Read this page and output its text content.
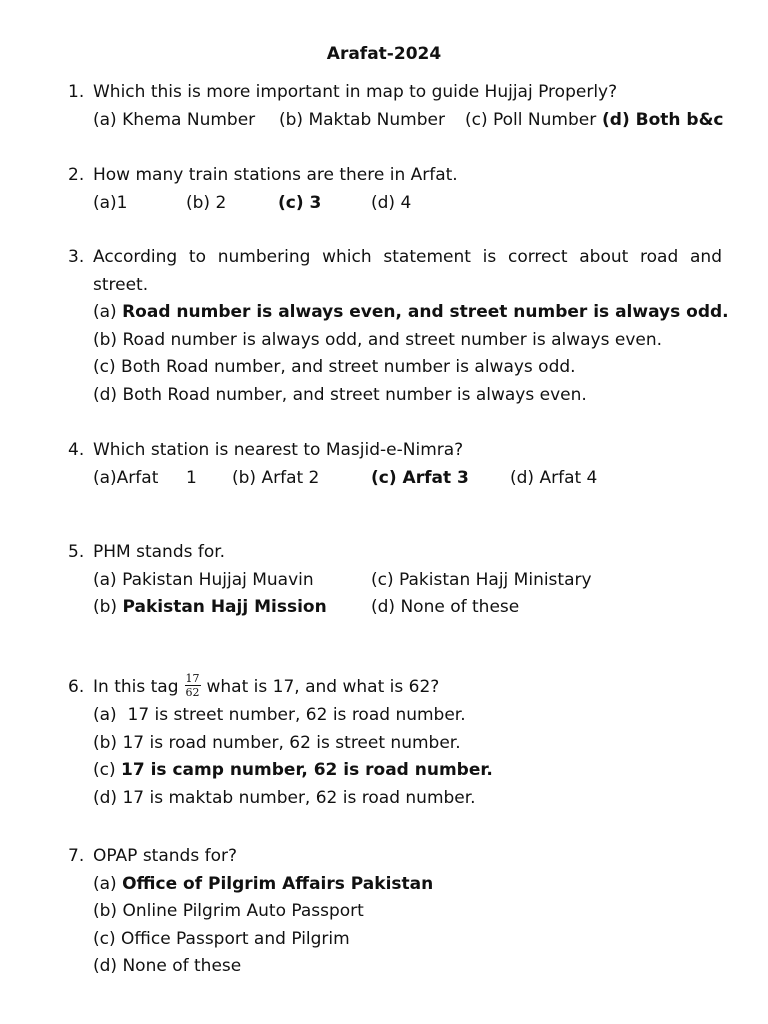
Arafat-2024
1. Which this is more important in map to guide Hujjaj Properly?
(a) Khema Number (b) Maktab Number (c) Poll Number (d) Both b&c
2. How many train stations are there in Arfat.
(a)1	(b) 2	(c) 3	(d) 4
3. According to numbering which statement is correct about road and street.
(a) Road number is always even, and street number is always odd.
(b) Road number is always odd, and street number is always even.
(c) Both Road number, and street number is always odd.
(d) Both Road number, and street number is always even.
4. Which station is nearest to Masjid-e-Nimra?
(a)Arfat 1 (b) Arfat 2	(c) Arfat 3 (d) Arfat 4
5. PHM stands for.
(a) Pakistan Hujjaj Muavin	(c) Pakistan Hajj Ministary
(b) Pakistan Hajj Mission	(d) None of these
6. In this tag $\frac{17}{62}$ what is 17, and what is 62?
(a)  17 is street number, 62 is road number.
(b) 17 is road number, 62 is street number.
(c) 17 is camp number, 62 is road number.
(d) 17 is maktab number, 62 is road number.
7. OPAP stands for?
(a) Office of Pilgrim Affairs Pakistan
(b) Online Pilgrim Auto Passport
(c) Office Passport and Pilgrim
(d) None of these
